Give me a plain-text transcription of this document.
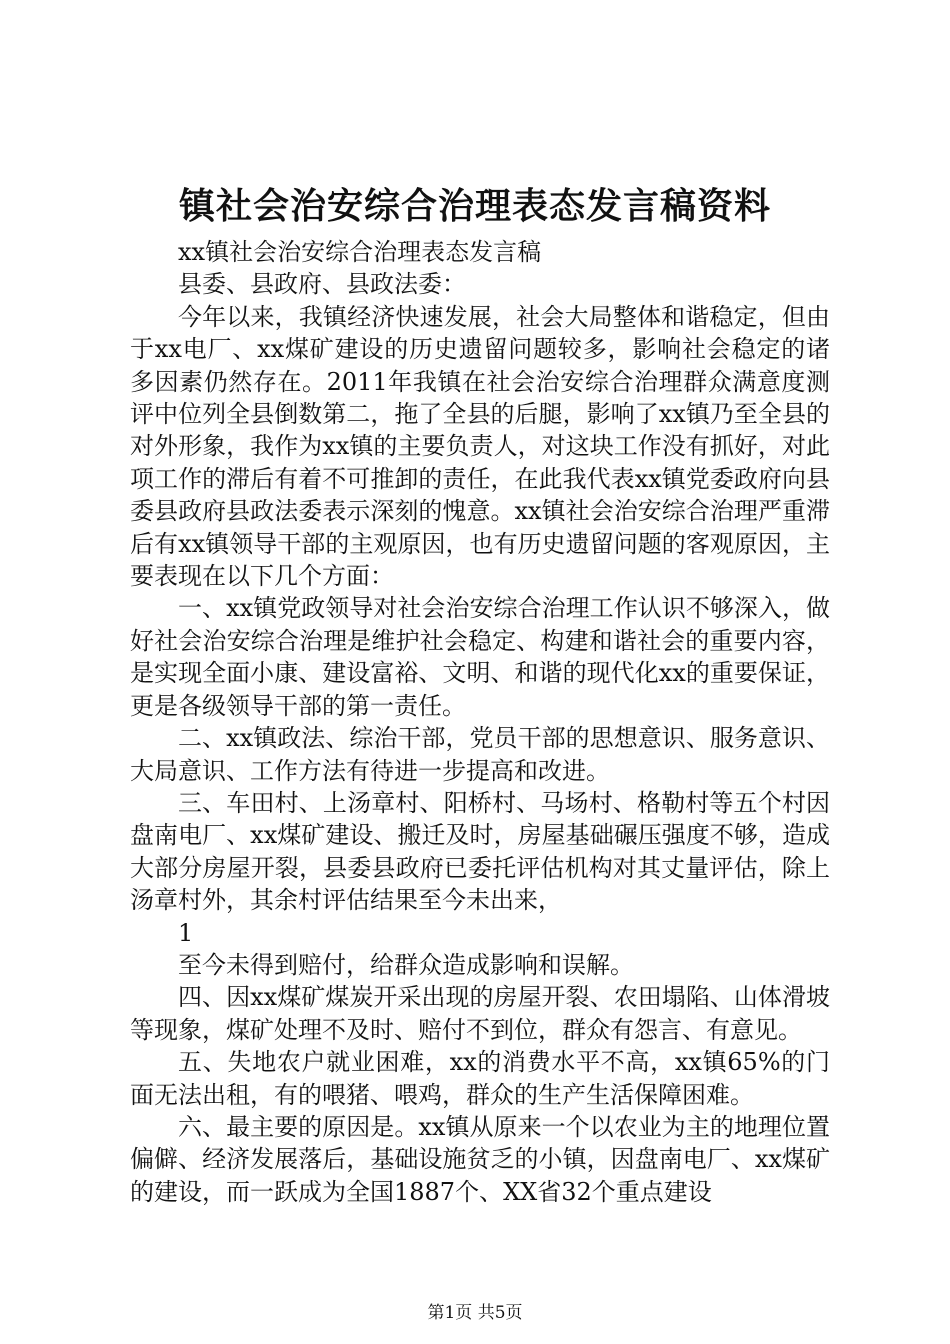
镇社会治安综合治理表态发言稿资料

xx镇社会治安综合治理表态发言稿

县委、县政府、县政法委：

今年以来，我镇经济快速发展，社会大局整体和谐稳定，但由于xx电厂、xx煤矿建设的历史遗留问题较多，影响社会稳定的诸多因素仍然存在。2011年我镇在社会治安综合治理群众满意度测评中位列全县倒数第二，拖了全县的后腿，影响了xx镇乃至全县的对外形象，我作为xx镇的主要负责人，对这块工作没有抓好，对此项工作的滞后有着不可推卸的责任，在此我代表xx镇党委政府向县委县政府县政法委表示深刻的愧意。xx镇社会治安综合治理严重滞后有xx镇领导干部的主观原因，也有历史遗留问题的客观原因，主要表现在以下几个方面：

一、xx镇党政领导对社会治安综合治理工作认识不够深入，做好社会治安综合治理是维护社会稳定、构建和谐社会的重要内容，是实现全面小康、建设富裕、文明、和谐的现代化xx的重要保证，更是各级领导干部的第一责任。

二、xx镇政法、综治干部，党员干部的思想意识、服务意识、大局意识、工作方法有待进一步提高和改进。

三、车田村、上汤章村、阳桥村、马场村、格勒村等五个村因盘南电厂、xx煤矿建设、搬迁及时，房屋基础碾压强度不够，造成大部分房屋开裂，县委县政府已委托评估机构对其丈量评估，除上汤章村外，其余村评估结果至今未出来，

1

至今未得到赔付，给群众造成影响和误解。

四、因xx煤矿煤炭开采出现的房屋开裂、农田塌陷、山体滑坡等现象，煤矿处理不及时、赔付不到位，群众有怨言、有意见。

五、失地农户就业困难，xx的消费水平不高，xx镇65%的门面无法出租，有的喂猪、喂鸡，群众的生产生活保障困难。

六、最主要的原因是。xx镇从原来一个以农业为主的地理位置偏僻、经济发展落后，基础设施贫乏的小镇，因盘南电厂、xx煤矿的建设，而一跃成为全国1887个、XX省32个重点建设

第1页 共5页
